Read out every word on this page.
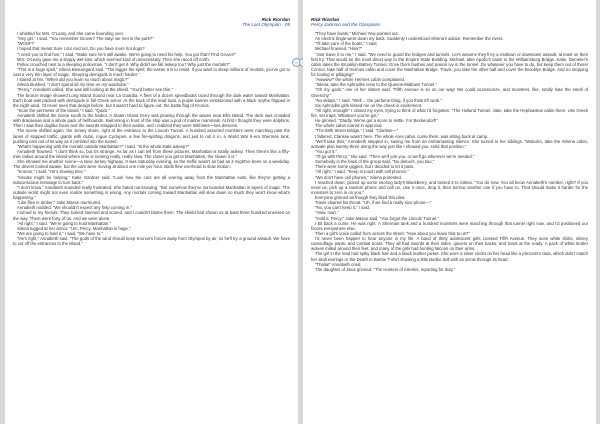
Rick Riordan
The Last Olympian - 05

I whistled for Mrs. O'Leary, and she came bounding over.

"Hey girl," I said. "You remember Grover? The satyr we met in the park?"

"WOOF!"

I hoped that meant Sure I do! And not, Do you have more hot dogs?

"I need you to find him," I said. "Make sure he's still awake. We're going to need his help. You got that? Find Grover!"

Mrs. O'Leary gave me a sloppy wet kiss, which seemed kind of unnecessary. Then she raced off north.

Pollux crouched next to a sleeping policeman. "I don't get it. Why didn't we fall asleep too? Why just the mortals?"

"This is a huge spell," Silena Beauregard said. "The bigger the spell, the easier it is to resist. If you want to sleep millions of mortals, you've got to cast a very thin layer of magic. Sleeping demigods is much harder."

I stared at her. "When did you learn so much about magic?"

Silena blushed. "I don't spend all my time on my wardrobe."

"Percy," Annabeth called. She was still looking at the shield. "You'd better see this."

The bronze image showed Long Island Sound near La Guardia. A fleet of a dozen speedboats raced through the dark water toward Manhattan. Each boat was packed with demigods in full Greek armor. At the back of the lead boat, a purple banner emblazoned with a black scythe flapped in the night wind. I'd never seen that design before, but it wasn't hard to figure out: the battle flag of Kronos.

"Scan the perimeter of the island," I said. "Quick."

Annabeth shifted the scene south to the harbor. A Staten Island Ferry was plowing through the waves near Ellis Island. The deck was crowded with dracaenae and a whole pack of hellhounds. Swimming in front of the ship was a pod of marine mammals. At first I thought they were dolphins. Then I saw their doglike faces and the swords strapped to their waists, and I realized they were telkhines—sea demons.

The scene shifted again: the Jersey shore, right at the entrance to the Lincoln Tunnel. A hundred assorted monsters were marching past the lanes of stopped traffic: giants with clubs, rogue Cyclopes, a few fire-spitting dragons, and just to rub it in, a World War II-era Sherman tank, pushing cars out of its way as it rumbled into the tunnel.

"What's happening with the mortals outside Manhattan?" I said. "Is the whole state asleep?"

Annabeth frowned. "I don't think so, but it's strange. As far as I can tell from these pictures, Manhattan is totally asleep. Then there's like a fifty-mile radius around the island where time is running really, really slow. The closer you get to Manhattan, the slower it is."

She showed me another scene—a New Jersey highway. It was Saturday evening, so the traffic wasn't as bad as it might've been on a weekday. The drivers looked awake, but the cars were moving at about one mile per hour. Birds flew overhead in slow motion.

"Kronos," I said. "He's slowing time."

"Hecate might be helping," Katie Gardner said. "Look how the cars are all veering away from the Manhattan exits, like they're getting a subconscious message to turn back."

"I don't know." Annabeth sounded really frustrated. She hated not knowing. "But somehow they've surrounded Manhattan in layers of magic. The outside world might not even realize something is wrong. Any mortals coming toward Manhattan will slow down so much they won't know what's happening."

"Like flies in amber," Jake Mason murmured.

Annabeth nodded. "We shouldn't expect any help coming in."

I turned to my friends. They looked stunned and scared, and I couldn't blame them. The shield had shown us at least three hundred enemies on the way. There were forty of us. And we were alone.

"All right," I said. "We're going to hold Manhattan."

Silena tugged at her armor. "Um, Percy, Manhattan is huge."

"We are going to hold it," I said. "We have to."

"He's right," Annabeth said. "The gods of the wind should keep Kronos's forces away from Olympus by air, so he'll try a ground assault. We have to cut off the entrances to the island."

○
Rick Riordan
Percy Jackson and the Olympians

"They have boats," Michael Yew pointed out.

An electric tingle went down my back. Suddenly I understood Athena's advice: Remember the rivers.

"I'll take care of the boats," I said.

Michael frowned. "How?"

"Just leave it to me," I said. "We need to guard the bridges and tunnels. Let's assume they'll try a midtown or downtown assault, at least on their first try. That would be the most direct way to the Empire State Building. Michael, take Apollo's cabin to the Williamsburg Bridge. Katie, Demeter's cabin takes the Brooklyn-Battery Tunnel. Grow thorn bushes and poison ivy in the tunnel. Do whatever you have to do, but keep them out of there! Connor, take half of Hermes cabin and cover the Manhattan Bridge. Travis, you take the other half and cover the Brooklyn Bridge. And no stopping for looting or pillaging!"

"Awwww!" the whole Hermes cabin complained.

"Silena, take the Aphrodite crew to the Queens-Midtown Tunnel."

"Oh my gods," one of her sisters said. "Fifth Avenue is so on our way! We could accessorize, and monsters, like, totally hate the smell of Givenchy."

"No delays," I said. "Well ... the perfume thing, if you think it'll work."

Six Aphrodite girls kissed me on the cheek in excitement.

"All right, enough!" I closed my eyes, trying to think of what I'd forgotten. "The Holland Tunnel. Jake, take the Hephaestus cabin there. Use Greek fire, set traps. Whatever you've got."

He grinned. "Gladly. We've got a score to settle. For Beckendorf!"

The whole cabin roared in approval.

"The 59th Street Bridge," I said. "Clarisse—"

I faltered. Clarisse wasn't here. The whole Ares cabin, curse them, was sitting back at camp.

"We'll take that," Annabeth stepped in, saving me from an embarrassing silence. She turned to her siblings. "Malcolm, take the Athena cabin, activate plan twenty-three along the way just like I showed you. Hold that position."

"You got it."

"I'll go with Percy," she said. "Then we'll join you, or we'll go wherever we're needed."

Somebody in the back of the group said, "No detours, you two."

There were some giggles, but I decided to let it pass.

"All right," I said. "Keep in touch with cell phones."

"We don't have cell phones," Silena protested.

I reached down, picked up some snoring lady's BlackBerry, and tossed it to Silena. "You do now. You all know Annabeth's number, right? If you need us, pick up a random phone and call us. Use it once, drop it, then borrow another one if you have to. That should make it harder for the monsters to zero in on you."

Everyone grinned as though they liked this idea.

Travis cleared his throat. "Uh, if we find a really nice phone—"

"No, you can't keep it," I said.

"Aww, man."

"Hold it, Percy," Jake Mason said. "You forgot the Lincoln Tunnel."

I bit back a curse. He was right. A Sherman tank and a hundred monsters were marching through that tunnel right now, and I'd positioned our forces everywhere else.

Then a girl's voice called from across the street: "How about you leave that to us?"

I'd never been happier to hear anyone in my life. A band of thirty adolescent girls crossed Fifth Avenue. They wore white shirts, silvery camouflage pants, and combat boots. They all had swords at their sides, quivers on their backs, and bows at the ready. A pack of white timber wolves milled around their feet, and many of the girls had hunting falcons on their arms.

The girl in the lead had spiky black hair and a black leather jacket. She wore a silver circlet on her head like a princess's tiara, which didn't match her skull earrings or the Death to Barbie T-shirt showing a little Barbie doll with an arrow through its head.

"Thalia!" Annabeth cried.

The daughter of Zeus grinned. "The Hunters of Artemis, reporting for duty."
